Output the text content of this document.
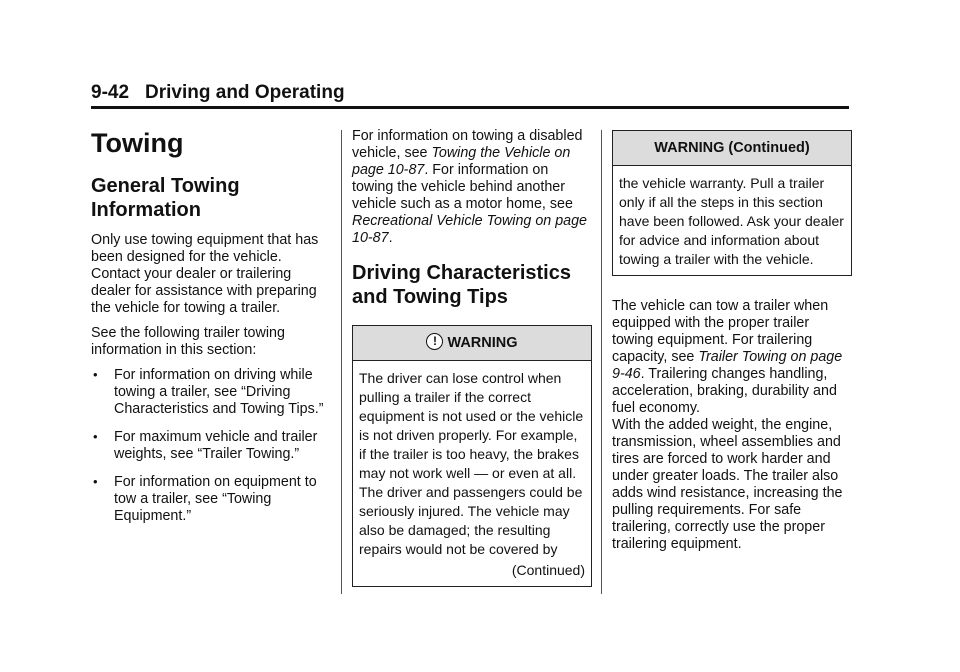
9-42 Driving and Operating
Towing
General Towing Information

Only use towing equipment that has been designed for the vehicle. Contact your dealer or trailering dealer for assistance with preparing the vehicle for towing a trailer.

See the following trailer towing information in this section:

• For information on driving while towing a trailer, see “Driving Characteristics and Towing Tips.”
• For maximum vehicle and trailer weights, see “Trailer Towing.”
• For information on equipment to tow a trailer, see “Towing Equipment.”

For information on towing a disabled vehicle, see Towing the Vehicle on page 10-87. For information on towing the vehicle behind another vehicle such as a motor home, see Recreational Vehicle Towing on page 10-87.

Driving Characteristics and Towing Tips
! WARNING
The driver can lose control when pulling a trailer if the correct equipment is not used or the vehicle is not driven properly. For example, if the trailer is too heavy, the brakes may not work well — or even at all. The driver and passengers could be seriously injured. The vehicle may also be damaged; the resulting repairs would not be covered by
(Continued)
WARNING (Continued)
the vehicle warranty. Pull a trailer only if all the steps in this section have been followed. Ask your dealer for advice and information about towing a trailer with the vehicle.

The vehicle can tow a trailer when equipped with the proper trailer towing equipment. For trailering capacity, see Trailer Towing on page 9-46. Trailering changes handling, acceleration, braking, durability and fuel economy.

With the added weight, the engine, transmission, wheel assemblies and tires are forced to work harder and under greater loads. The trailer also adds wind resistance, increasing the pulling requirements. For safe trailering, correctly use the proper trailering equipment.
